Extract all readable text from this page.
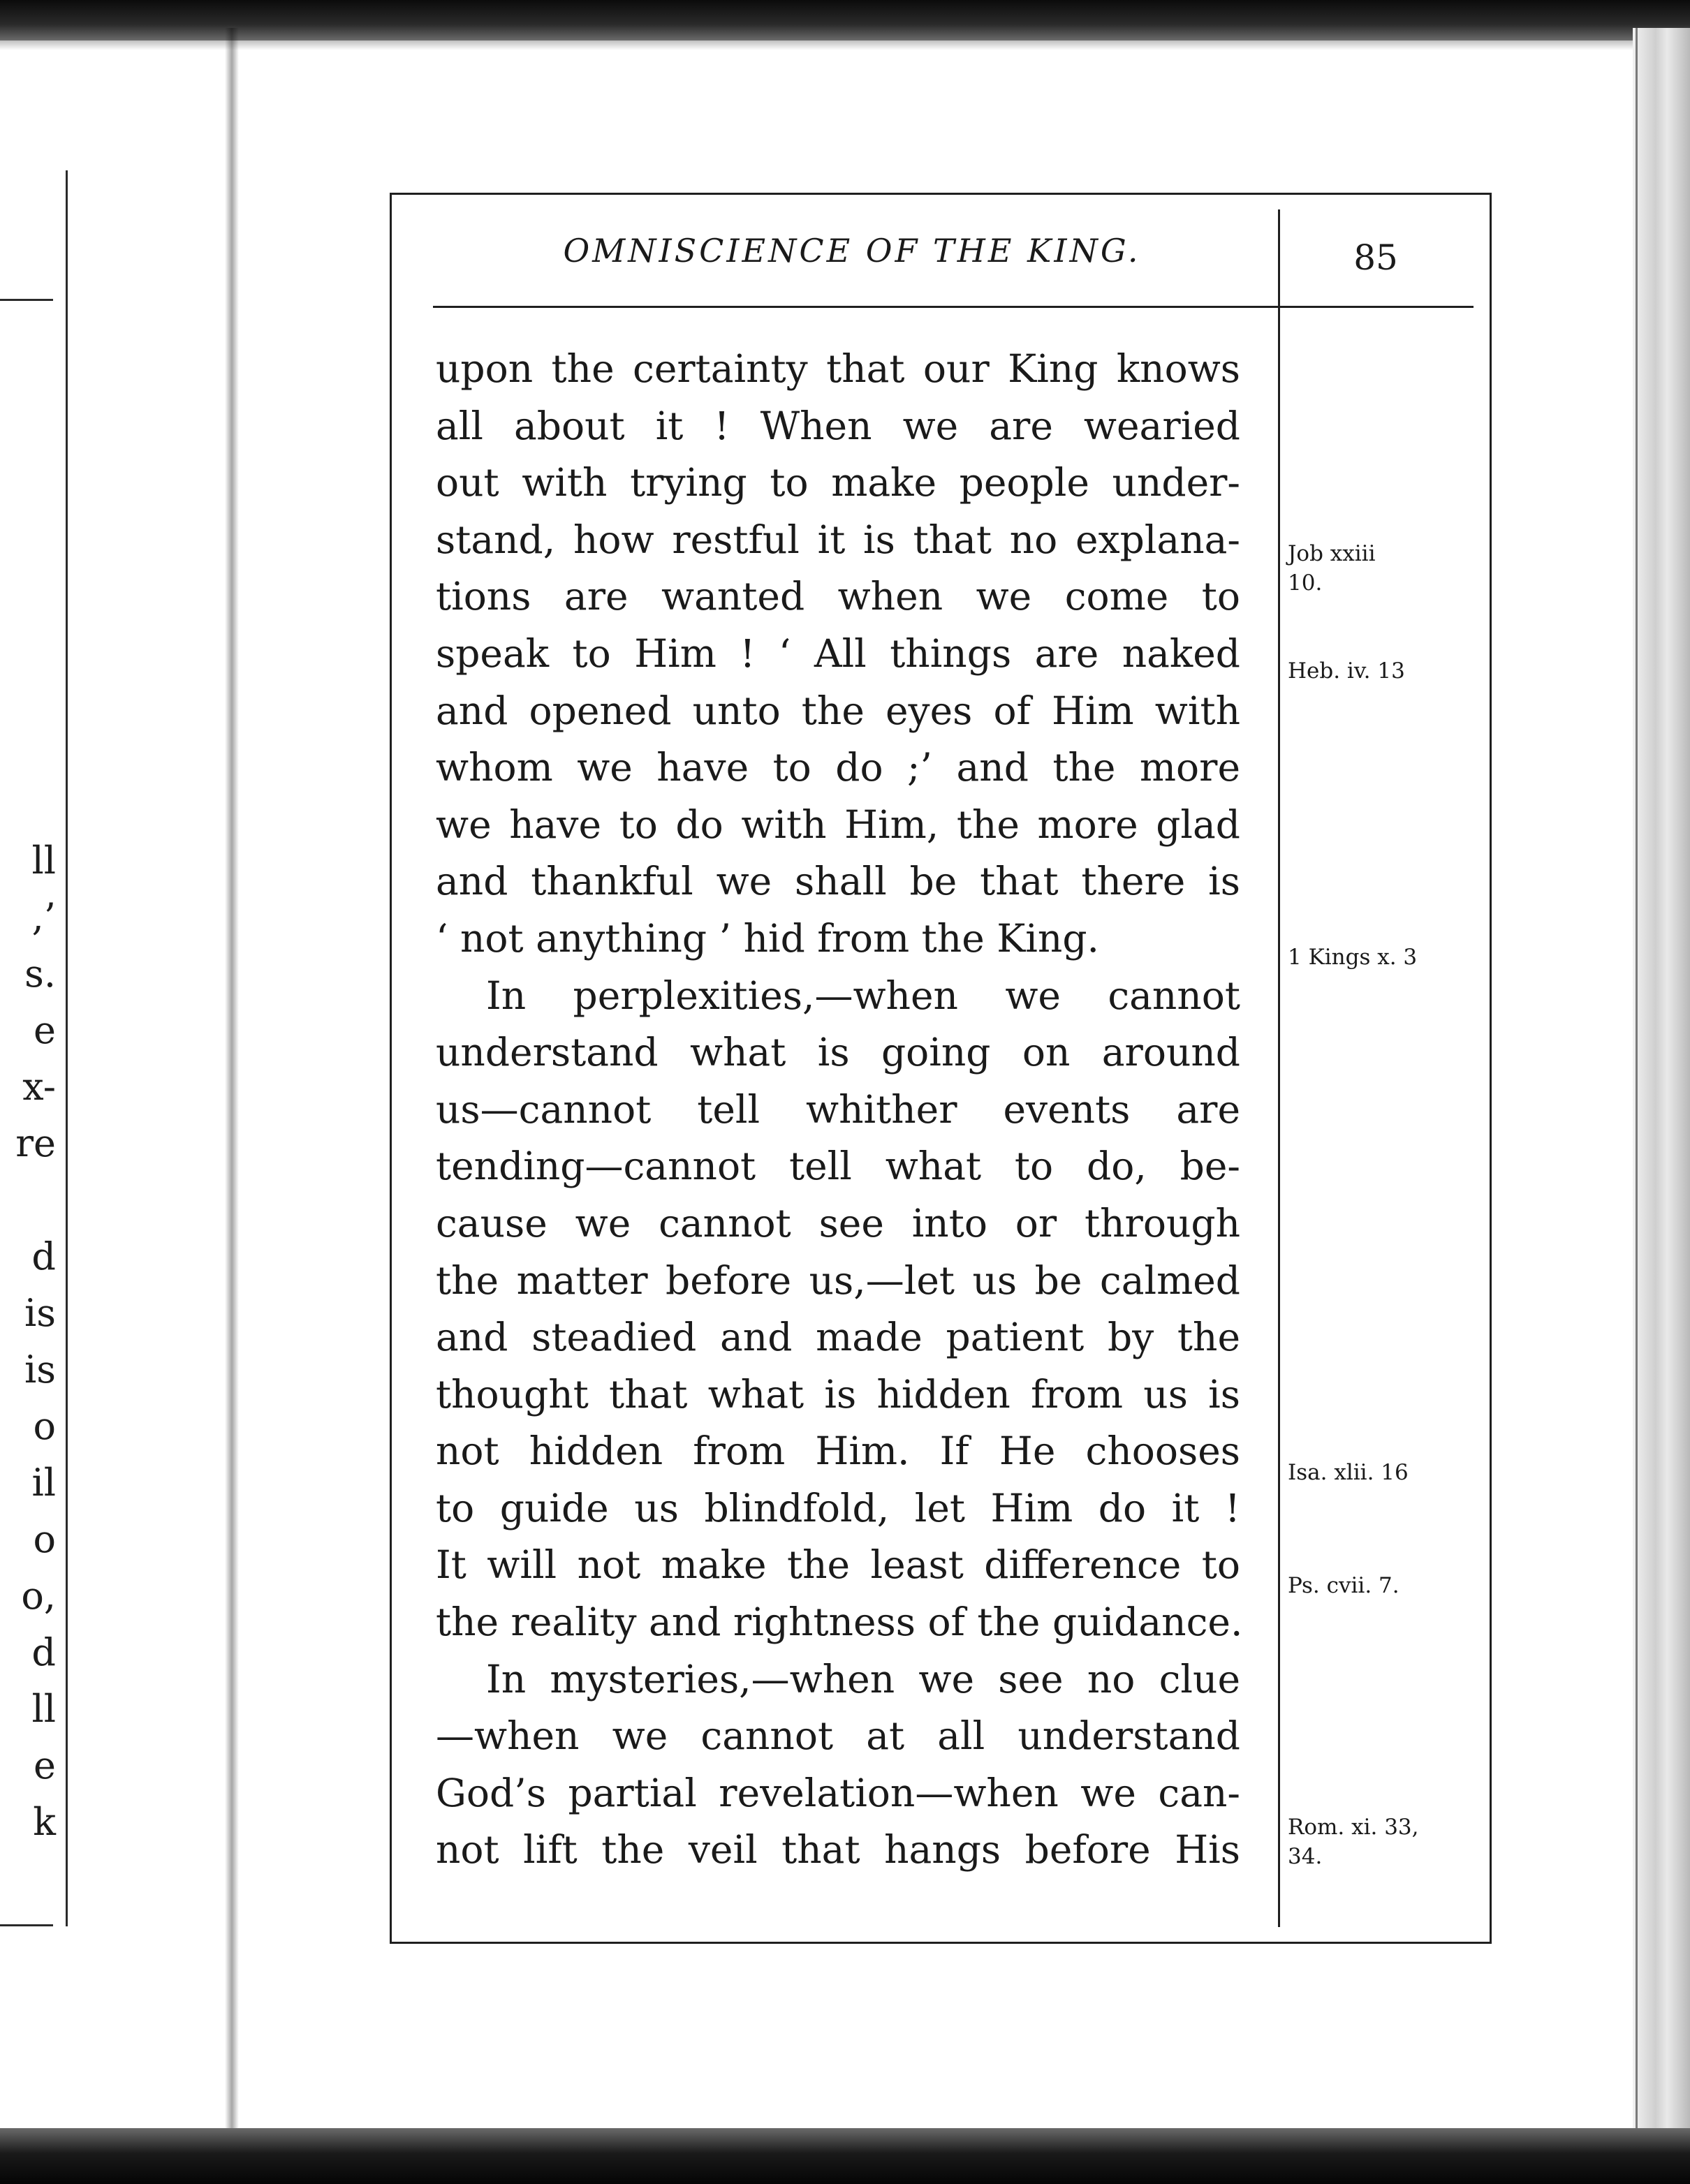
ll
,’
s.
e
x-
re
d
is
is
o
il
o
o,
d
ll
e
k
OMNISCIENCE OF THE KING.	85
upon the certainty that our King knows
all about it ! When we are wearied
out with trying to make people under-
stand, how restful it is that no explana-
tions are wanted when we come to
speak to Him ! ‘ All things are naked
and opened unto the eyes of Him with
whom we have to do ;’ and the more
we have to do with Him, the more glad
and thankful we shall be that there is
‘ not anything ’ hid from the King.
In perplexities,—when we cannot
understand what is going on around
us—cannot tell whither events are
tending—cannot tell what to do, be-
cause we cannot see into or through
the matter before us,—let us be calmed
and steadied and made patient by the
thought that what is hidden from us is
not hidden from Him. If He chooses
to guide us blindfold, let Him do it !
It will not make the least difference to
the reality and rightness of the guidance.
In mysteries,—when we see no clue
—when we cannot at all understand
God’s partial revelation—when we can-
not lift the veil that hangs before His
Job xxiii
10.
Heb. iv. 13
1 Kings x. 3
Isa. xlii. 16
Ps. cvii. 7.
Rom. xi. 33,
34.
